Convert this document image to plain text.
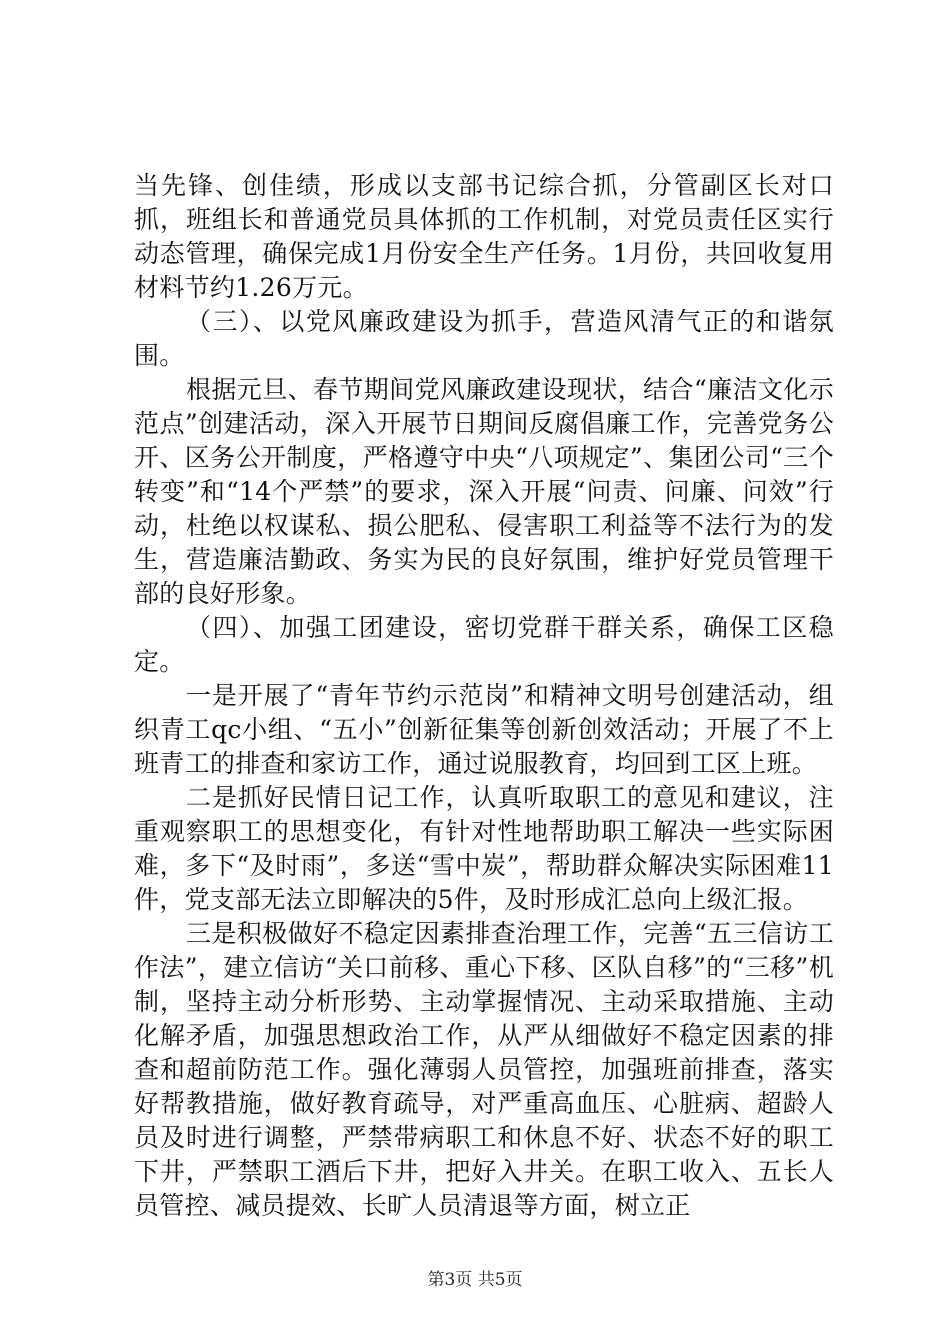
当先锋、创佳绩，形成以支部书记综合抓，分管副区长对口抓，班组长和普通党员具体抓的工作机制，对党员责任区实行动态管理，确保完成1月份安全生产任务。1月份，共回收复用材料节约1.26万元。

（三）、以党风廉政建设为抓手，营造风清气正的和谐氛围。

根据元旦、春节期间党风廉政建设现状，结合“廉洁文化示范点”创建活动，深入开展节日期间反腐倡廉工作，完善党务公开、区务公开制度，严格遵守中央“八项规定”、集团公司“三个转变”和“14个严禁”的要求，深入开展“问责、问廉、问效”行动，杜绝以权谋私、损公肥私、侵害职工利益等不法行为的发生，营造廉洁勤政、务实为民的良好氛围，维护好党员管理干部的良好形象。

（四）、加强工团建设，密切党群干群关系，确保工区稳定。

一是开展了“青年节约示范岗”和精神文明号创建活动，组织青工qc小组、“五小”创新征集等创新创效活动；开展了不上班青工的排查和家访工作，通过说服教育，均回到工区上班。

二是抓好民情日记工作，认真听取职工的意见和建议，注重观察职工的思想变化，有针对性地帮助职工解决一些实际困难，多下“及时雨”，多送“雪中炭”，帮助群众解决实际困难11件，党支部无法立即解决的5件，及时形成汇总向上级汇报。

三是积极做好不稳定因素排查治理工作，完善“五三信访工作法”，建立信访“关口前移、重心下移、区队自移”的“三移”机制，坚持主动分析形势、主动掌握情况、主动采取措施、主动化解矛盾，加强思想政治工作，从严从细做好不稳定因素的排查和超前防范工作。强化薄弱人员管控，加强班前排查，落实好帮教措施，做好教育疏导，对严重高血压、心脏病、超龄人员及时进行调整，严禁带病职工和休息不好、状态不好的职工下井，严禁职工酒后下井，把好入井关。在职工收入、五长人员管控、减员提效、长旷人员清退等方面，树立正

第3页 共5页
